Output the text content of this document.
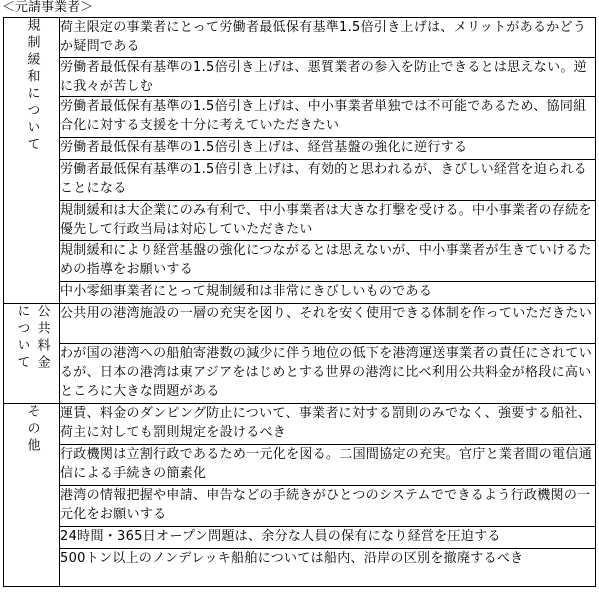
＜元請事業者＞
規制緩和について	荷主限定の事業者にとって労働者最低保有基準1.5倍引き上げは、メリットがあるかどうか疑問である
	労働者最低保有基準の1.5倍引き上げは、悪質業者の参入を防止できるとは思えない。逆に我々が苦しむ
	労働者最低保有基準の1.5倍引き上げは、中小事業者単独では不可能であるため、協同組合化に対する支援を十分に考えていただきたい
	労働者最低保有基準の1.5倍引き上げは、経営基盤の強化に逆行する
	労働者最低保有基準の1.5倍引き上げは、有効的と思われるが、きびしい経営を迫られることになる
	規制緩和は大企業にのみ有利で、中小事業者は大きな打撃を受ける。中小事業者の存続を優先して行政当局は対応していただきたい
	規制緩和により経営基盤の強化につながるとは思えないが、中小事業者が生きていけるための指導をお願いする
	中小零細事業者にとって規制緩和は非常にきびしいものである
公共料金について	公共用の港湾施設の一層の充実を図り、それを安く使用できる体制を作っていただきたい
	わが国の港湾への船舶寄港数の減少に伴う地位の低下を港湾運送事業者の責任にされているが、日本の港湾は東アジアをはじめとする世界の港湾に比べ利用公共料金が格段に高いところに大きな問題がある
その他	運賃、料金のダンピング防止について、事業者に対する罰則のみでなく、強要する船社、荷主に対しても罰則規定を設けるべき
	行政機関は立割行政であるため一元化を図る。二国間協定の充実。官庁と業者間の電信通信による手続きの簡素化
	港湾の情報把握や申請、申告などの手続きがひとつのシステムでできるよう行政機関の一元化をお願いする
	24時間・365日オープン問題は、余分な人員の保有になり経営を圧迫する
	500トン以上のノンデレッキ船舶については船内、沿岸の区別を撤廃するべき
